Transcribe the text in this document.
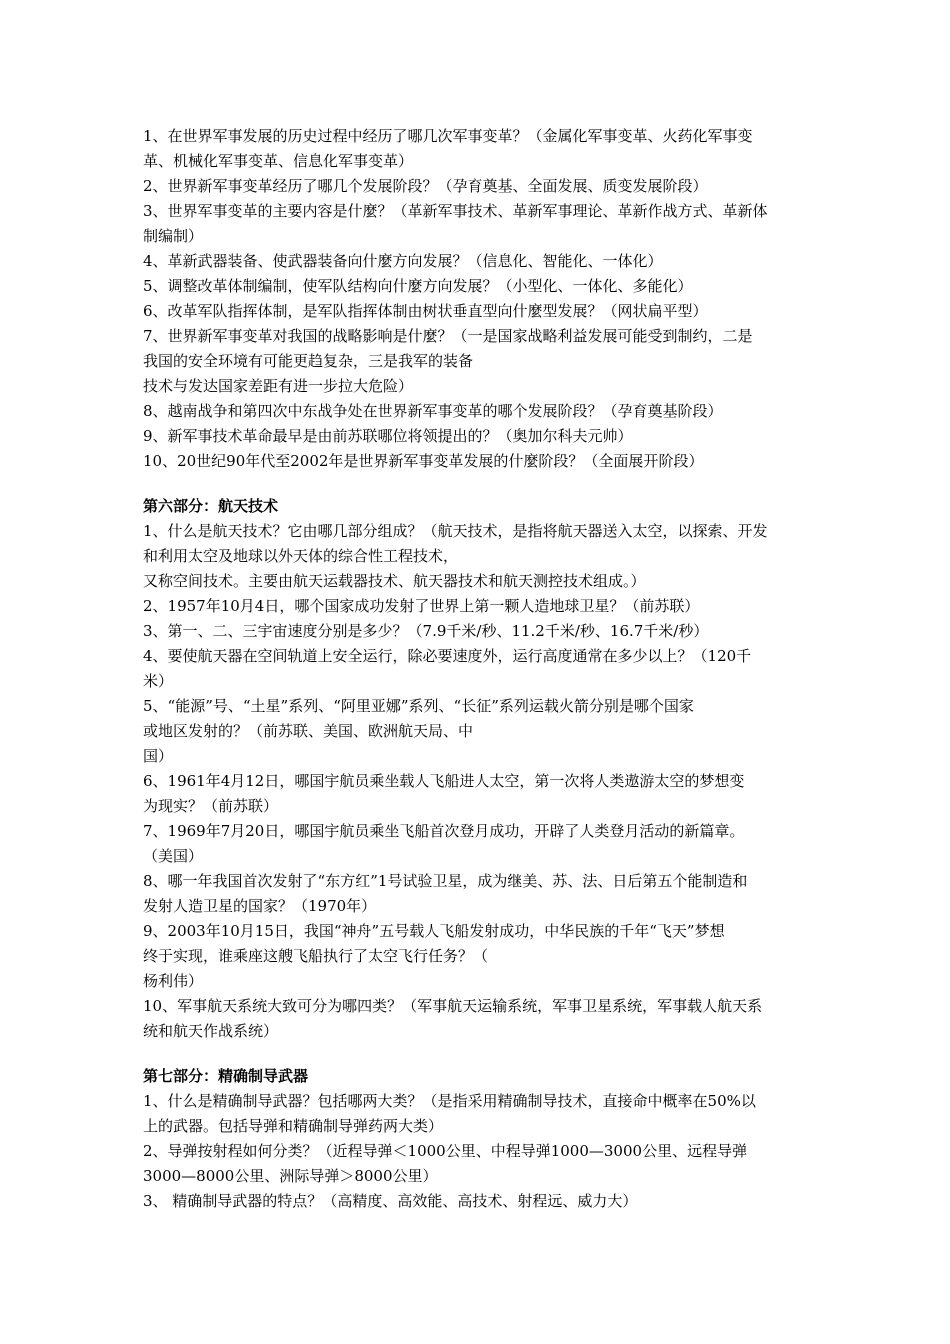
1、在世界军事发展的历史过程中经历了哪几次军事变革？（金属化军事变革、火药化军事变
革、机械化军事变革、信息化军事变革）
2、世界新军事变革经历了哪几个发展阶段？（孕育奠基、全面发展、质变发展阶段）
3、世界军事变革的主要内容是什麼？（革新军事技术、革新军事理论、革新作战方式、革新体
制编制）
4、革新武器装备、使武器装备向什麼方向发展？（信息化、智能化、一体化）
5、调整改革体制编制，使军队结构向什麼方向发展？（小型化、一体化、多能化）
6、改革军队指挥体制，是军队指挥体制由树状垂直型向什麼型发展？（网状扁平型）
7、世界新军事变革对我国的战略影响是什麼？（一是国家战略利益发展可能受到制约，二是
我国的安全环境有可能更趋复杂，三是我军的装备
技术与发达国家差距有进一步拉大危险）
8、越南战争和第四次中东战争处在世界新军事变革的哪个发展阶段？（孕育奠基阶段）
9、新军事技术革命最早是由前苏联哪位将领提出的？（奥加尔科夫元帅）
10、20世纪90年代至2002年是世界新军事变革发展的什麼阶段？（全面展开阶段）
第六部分：航天技术
1、什么是航天技术？它由哪几部分组成？（航天技术，是指将航天器送入太空，以探索、开发
和利用太空及地球以外天体的综合性工程技术，
又称空间技术。主要由航天运载器技术、航天器技术和航天测控技术组成。）
2、1957年10月4日，哪个国家成功发射了世界上第一颗人造地球卫星？（前苏联）
3、第一、二、三宇宙速度分别是多少？（7.9千米/秒、11.2千米/秒、16.7千米/秒）
4、要使航天器在空间轨道上安全运行，除必要速度外，运行高度通常在多少以上？（120千
米）
5、“能源”号、“土星”系列、“阿里亚娜”系列、“长征”系列运载火箭分别是哪个国家
或地区发射的？（前苏联、美国、欧洲航天局、中
国）
6、1961年4月12日，哪国宇航员乘坐载人飞船进人太空，第一次将人类遨游太空的梦想变
为现实？（前苏联）
7、1969年7月20日，哪国宇航员乘坐飞船首次登月成功，开辟了人类登月活动的新篇章。
（美国）
8、哪一年我国首次发射了“东方红”1号试验卫星，成为继美、苏、法、日后第五个能制造和
发射人造卫星的国家？（1970年）
9、2003年10月15日，我国“神舟”五号载人飞船发射成功，中华民族的千年“飞天”梦想
终于实现，谁乘座这艘飞船执行了太空飞行任务？（
杨利伟）
10、军事航天系统大致可分为哪四类？（军事航天运输系统，军事卫星系统，军事载人航天系
统和航天作战系统）
第七部分：精确制导武器
1、什么是精确制导武器？包括哪两大类？（是指采用精确制导技术，直接命中概率在50%以
上的武器。包括导弹和精确制导弹药两大类）
2、导弹按射程如何分类？（近程导弹＜1000公里、中程导弹1000—3000公里、远程导弹
3000—8000公里、洲际导弹＞8000公里）
3、 精确制导武器的特点？（高精度、高效能、高技术、射程远、威力大）
